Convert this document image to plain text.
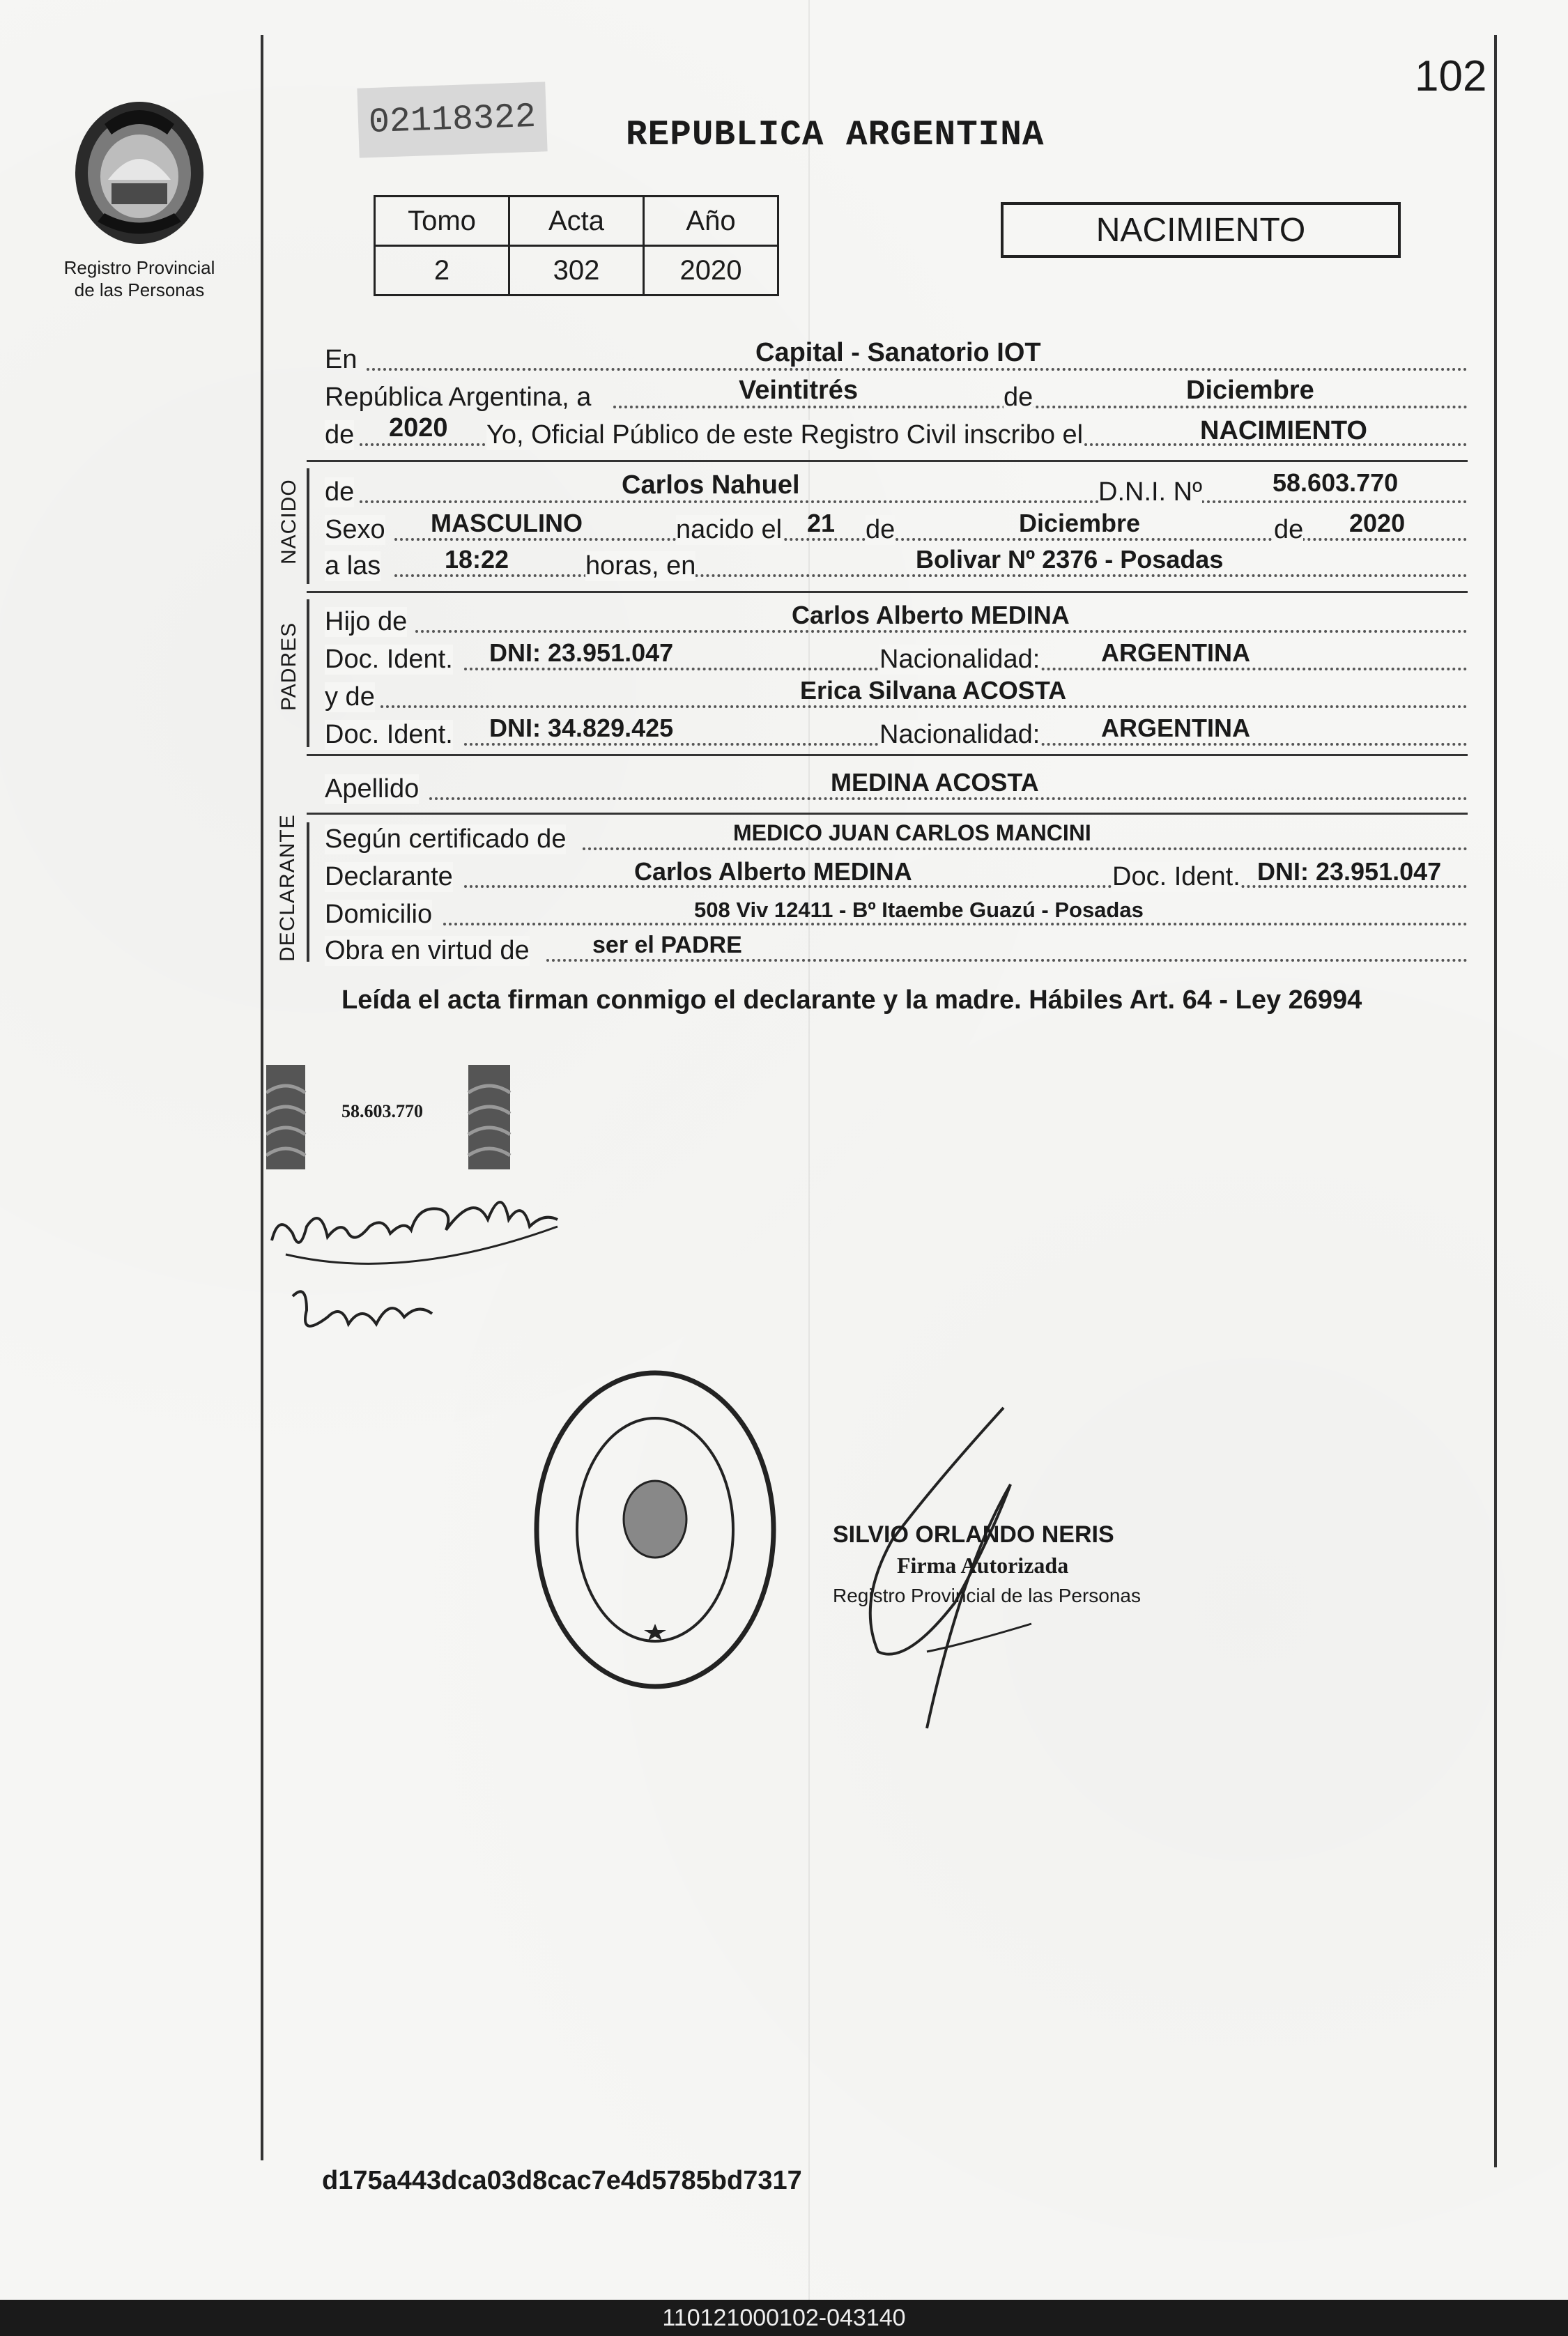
102
Registro Provincial
de las Personas
02118322	REPUBLICA ARGENTINA
Tomo	Acta	Año
2	302	2020
NACIMIENTO
En	Capital - Sanatorio IOT
República Argentina, a	Veintitrés	de	Diciembre
de 2020 Yo, Oficial Público de este Registro Civil inscribo el	NACIMIENTO
NACIDO de	Carlos Nahuel	D.N.I. Nº	58.603.770
Sexo MASCULINO	nacido el 21 de	Diciembre	de 2020
a las	18:22	horas, en	Bolivar Nº 2376 - Posadas
PADRES
Hijo de	Carlos Alberto MEDINA
Doc. Ident. DNI: 23.951.047	Nacionalidad: ARGENTINA
y de	Erica Silvana ACOSTA
Doc. Ident. DNI: 34.829.425	Nacionalidad: ARGENTINA
Apellido	MEDINA ACOSTA
DECLARANTE Según certificado de	MEDICO JUAN CARLOS MANCINI
Declarante	Carlos Alberto MEDINA	Doc. Ident. DNI: 23.951.047
Domicilio	508 Viv 12411 - Bº Itaembe Guazú - Posadas
Obra en virtud de	ser el PADRE
Leída el acta firman conmigo el declarante y la madre. Hábiles Art. 64 - Ley 26994
58.603.770
SILVIO ORLANDO NERIS
Firma Autorizada
Registro Provincial de las Personas
d175a443dca03d8cac7e4d5785bd7317
110121000102-043140
